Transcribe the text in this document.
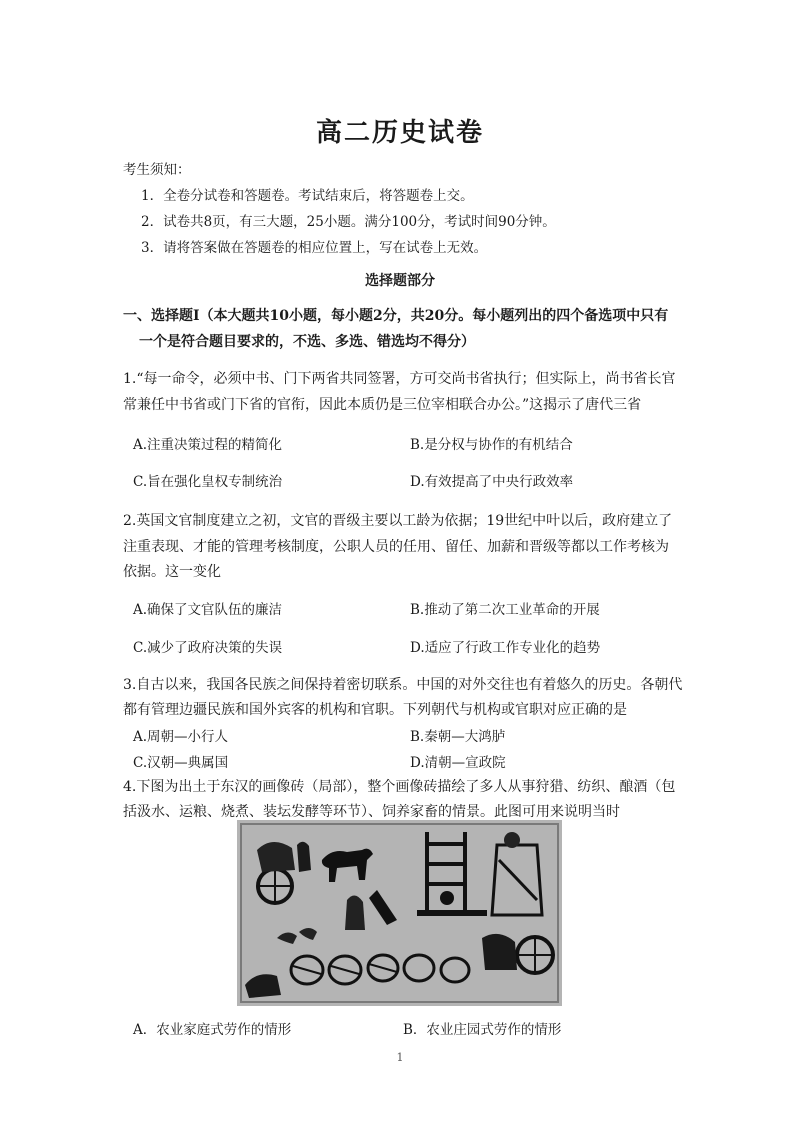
高二历史试卷
考生须知：
1．全卷分试卷和答题卷。考试结束后，将答题卷上交。
2．试卷共8页，有三大题，25小题。满分100分，考试时间90分钟。
3．请将答案做在答题卷的相应位置上，写在试卷上无效。
选择题部分
一、选择题Ⅰ（本大题共10小题，每小题2分，共20分。每小题列出的四个备选项中只有
一个是符合题目要求的，不选、多选、错选均不得分）
1.“每一命令，必须中书、门下两省共同签署，方可交尚书省执行；但实际上，尚书省长官
常兼任中书省或门下省的官衔，因此本质仍是三位宰相联合办公。”这揭示了唐代三省
A.注重决策过程的精简化	B.是分权与协作的有机结合
C.旨在强化皇权专制统治	D.有效提高了中央行政效率
2.英国文官制度建立之初，文官的晋级主要以工龄为依据；19世纪中叶以后，政府建立了
注重表现、才能的管理考核制度，公职人员的任用、留任、加薪和晋级等都以工作考核为
依据。这一变化
A.确保了文官队伍的廉洁	B.推动了第二次工业革命的开展
C.减少了政府决策的失误	D.适应了行政工作专业化的趋势
3.自古以来，我国各民族之间保持着密切联系。中国的对外交往也有着悠久的历史。各朝代
都有管理边疆民族和国外宾客的机构和官职。下列朝代与机构或官职对应正确的是
A.周朝—小行人	B.秦朝—大鸿胪
C.汉朝—典属国	D.清朝—宣政院
4.下图为出土于东汉的画像砖（局部），整个画像砖描绘了多人从事狩猎、纺织、酿酒（包
括汲水、运粮、烧煮、装坛发酵等环节）、饲养家畜的情景。此图可用来说明当时
A．农业家庭式劳作的情形	B．农业庄园式劳作的情形
1
